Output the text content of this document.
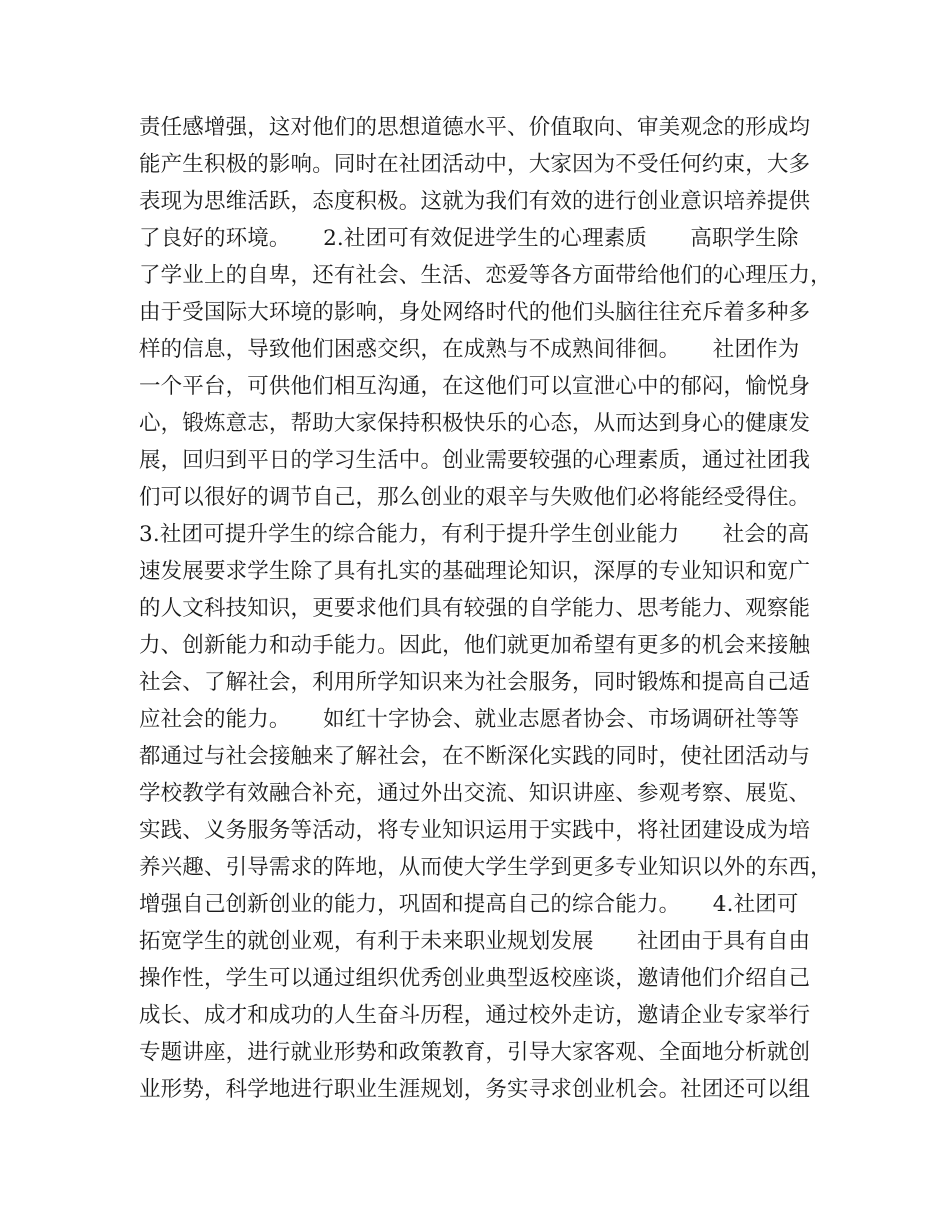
责任感增强，这对他们的思想道德水平、价值取向、审美观念的形成均
能产生积极的影响。同时在社团活动中，大家因为不受任何约束，大多
表现为思维活跃，态度积极。这就为我们有效的进行创业意识培养提供
了良好的环境。　　2.社团可有效促进学生的心理素质　　高职学生除
了学业上的自卑，还有社会、生活、恋爱等各方面带给他们的心理压力，
由于受国际大环境的影响，身处网络时代的他们头脑往往充斥着多种多
样的信息，导致他们困惑交织，在成熟与不成熟间徘徊。　　社团作为
一个平台，可供他们相互沟通，在这他们可以宣泄心中的郁闷，愉悦身
心，锻炼意志，帮助大家保持积极快乐的心态，从而达到身心的健康发
展，回归到平日的学习生活中。创业需要较强的心理素质，通过社团我
们可以很好的调节自己，那么创业的艰辛与失败他们必将能经受得住。
3.社团可提升学生的综合能力，有利于提升学生创业能力　　社会的高
速发展要求学生除了具有扎实的基础理论知识，深厚的专业知识和宽广
的人文科技知识，更要求他们具有较强的自学能力、思考能力、观察能
力、创新能力和动手能力。因此，他们就更加希望有更多的机会来接触
社会、了解社会，利用所学知识来为社会服务，同时锻炼和提高自己适
应社会的能力。　　如红十字协会、就业志愿者协会、市场调研社等等
都通过与社会接触来了解社会，在不断深化实践的同时，使社团活动与
学校教学有效融合补充，通过外出交流、知识讲座、参观考察、展览、
实践、义务服务等活动，将专业知识运用于实践中，将社团建设成为培
养兴趣、引导需求的阵地，从而使大学生学到更多专业知识以外的东西，
增强自己创新创业的能力，巩固和提高自己的综合能力。　　4.社团可
拓宽学生的就创业观，有利于未来职业规划发展　　社团由于具有自由
操作性，学生可以通过组织优秀创业典型返校座谈，邀请他们介绍自己
成长、成才和成功的人生奋斗历程，通过校外走访，邀请企业专家举行
专题讲座，进行就业形势和政策教育，引导大家客观、全面地分析就创
业形势，科学地进行职业生涯规划，务实寻求创业机会。社团还可以组
